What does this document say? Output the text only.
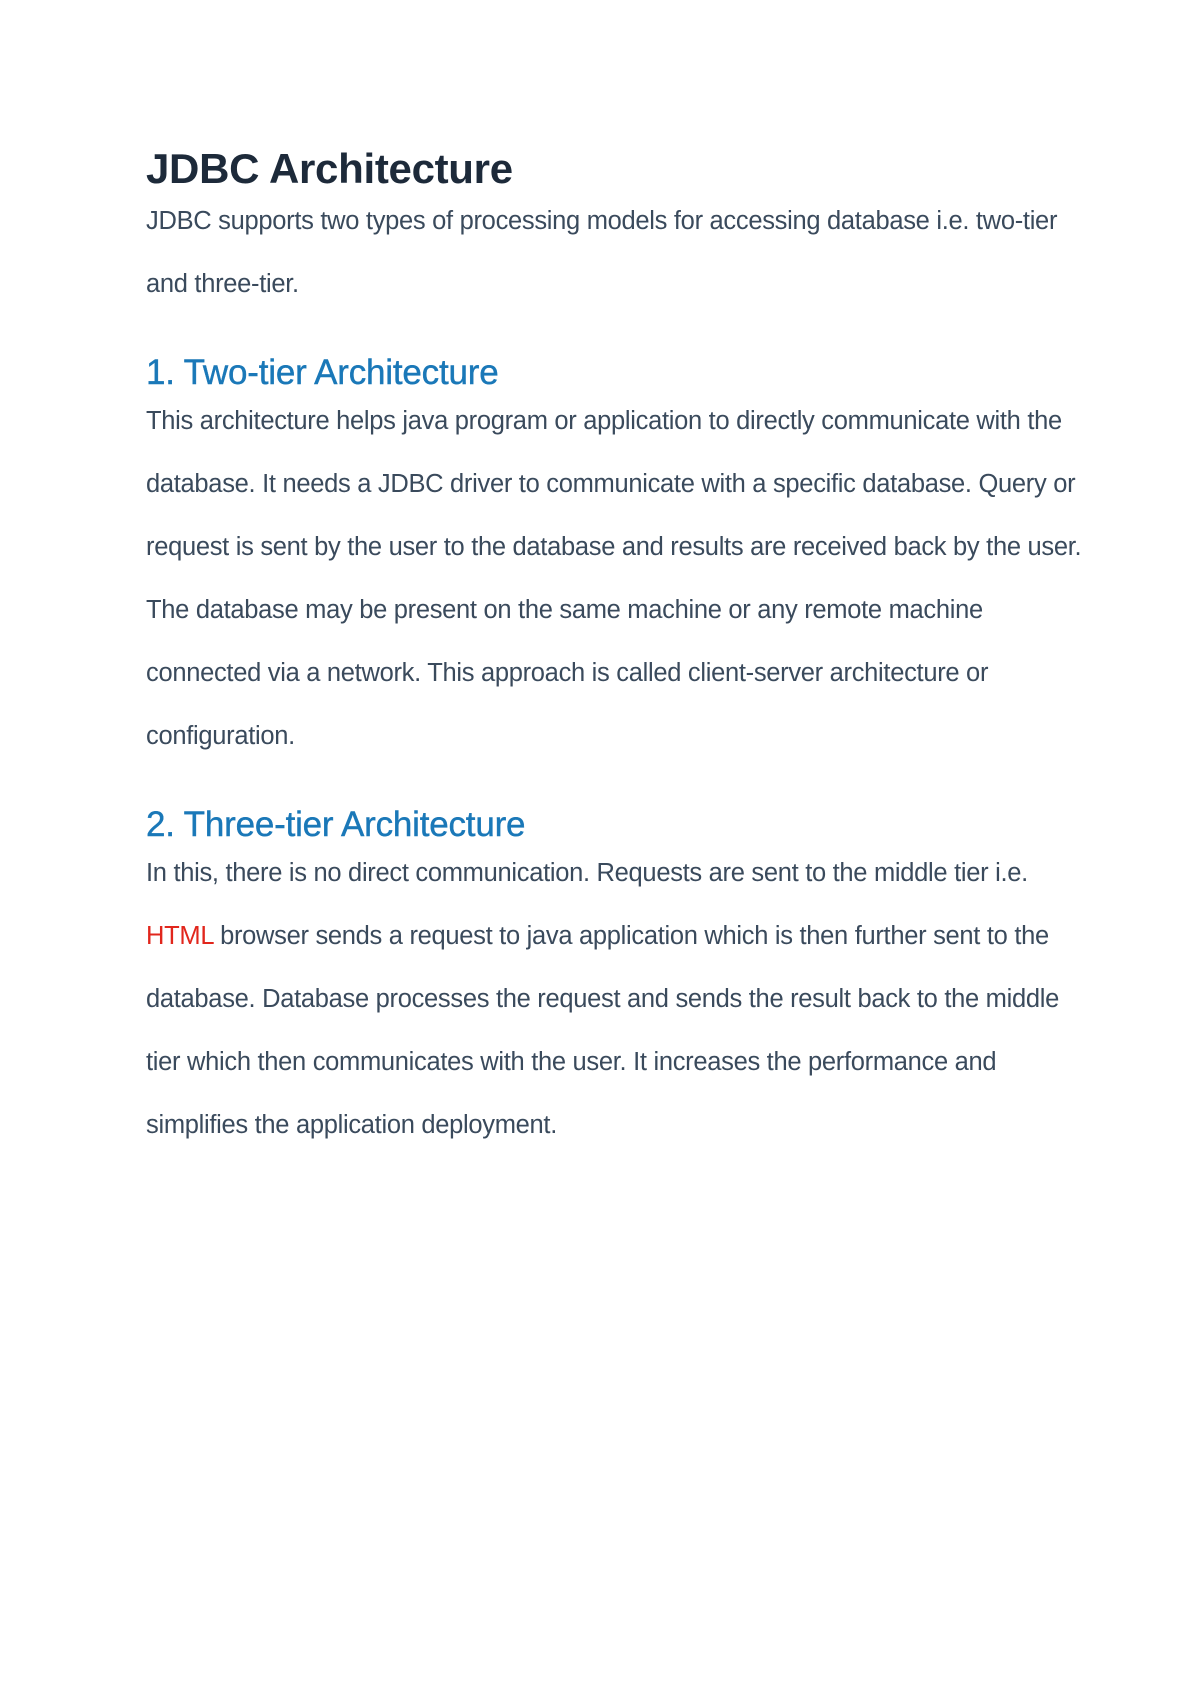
JDBC Architecture

JDBC supports two types of processing models for accessing database i.e. two-tier and three-tier.

1. Two-tier Architecture

This architecture helps java program or application to directly communicate with the database. It needs a JDBC driver to communicate with a specific database. Query or request is sent by the user to the database and results are received back by the user. The database may be present on the same machine or any remote machine connected via a network. This approach is called client-server architecture or configuration.

2. Three-tier Architecture

In this, there is no direct communication. Requests are sent to the middle tier i.e. HTML browser sends a request to java application which is then further sent to the database. Database processes the request and sends the result back to the middle tier which then communicates with the user. It increases the performance and simplifies the application deployment.
